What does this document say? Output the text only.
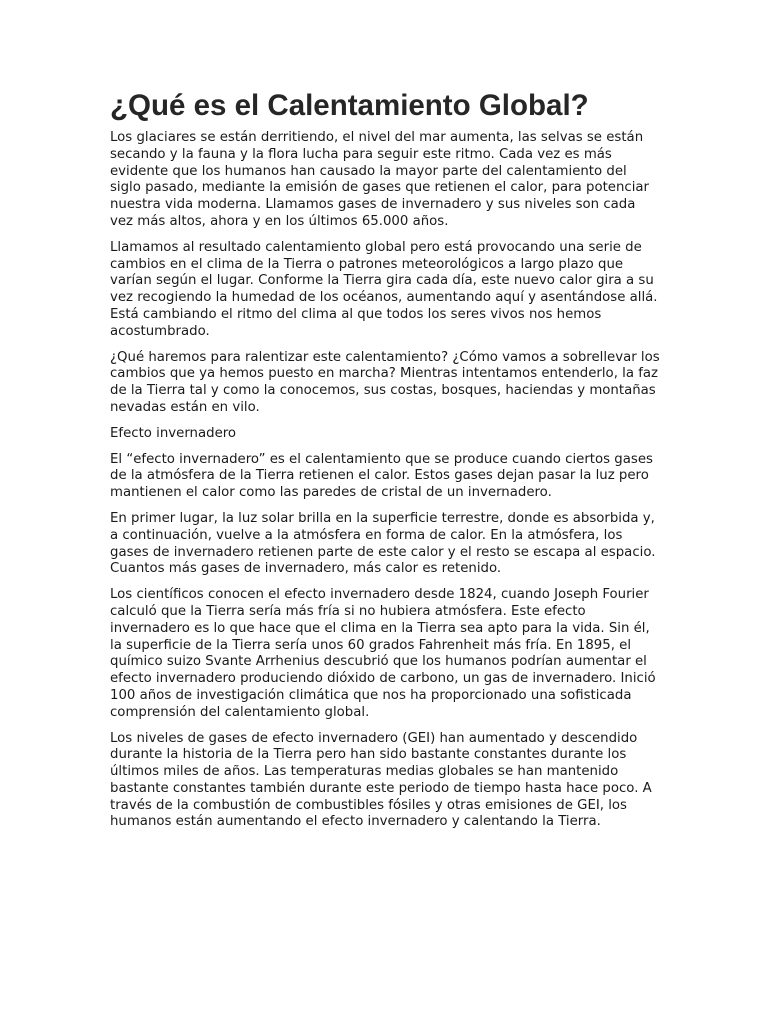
¿Qué es el Calentamiento Global?

Los glaciares se están derritiendo, el nivel del mar aumenta, las selvas se están secando y la fauna y la flora lucha para seguir este ritmo. Cada vez es más evidente que los humanos han causado la mayor parte del calentamiento del siglo pasado, mediante la emisión de gases que retienen el calor, para potenciar nuestra vida moderna. Llamamos gases de invernadero y sus niveles son cada vez más altos, ahora y en los últimos 65.000 años.

Llamamos al resultado calentamiento global pero está provocando una serie de cambios en el clima de la Tierra o patrones meteorológicos a largo plazo que varían según el lugar. Conforme la Tierra gira cada día, este nuevo calor gira a su vez recogiendo la humedad de los océanos, aumentando aquí y asentándose allá. Está cambiando el ritmo del clima al que todos los seres vivos nos hemos acostumbrado.

¿Qué haremos para ralentizar este calentamiento? ¿Cómo vamos a sobrellevar los cambios que ya hemos puesto en marcha? Mientras intentamos entenderlo, la faz de la Tierra tal y como la conocemos, sus costas, bosques, haciendas y montañas nevadas están en vilo.

Efecto invernadero

El “efecto invernadero” es el calentamiento que se produce cuando ciertos gases de la atmósfera de la Tierra retienen el calor. Estos gases dejan pasar la luz pero mantienen el calor como las paredes de cristal de un invernadero.

En primer lugar, la luz solar brilla en la superficie terrestre, donde es absorbida y, a continuación, vuelve a la atmósfera en forma de calor. En la atmósfera, los gases de invernadero retienen parte de este calor y el resto se escapa al espacio. Cuantos más gases de invernadero, más calor es retenido.

Los científicos conocen el efecto invernadero desde 1824, cuando Joseph Fourier calculó que la Tierra sería más fría si no hubiera atmósfera. Este efecto invernadero es lo que hace que el clima en la Tierra sea apto para la vida. Sin él, la superficie de la Tierra sería unos 60 grados Fahrenheit más fría. En 1895, el químico suizo Svante Arrhenius descubrió que los humanos podrían aumentar el efecto invernadero produciendo dióxido de carbono, un gas de invernadero. Inició 100 años de investigación climática que nos ha proporcionado una sofisticada comprensión del calentamiento global.

Los niveles de gases de efecto invernadero (GEI) han aumentado y descendido durante la historia de la Tierra pero han sido bastante constantes durante los últimos miles de años. Las temperaturas medias globales se han mantenido bastante constantes también durante este periodo de tiempo hasta hace poco. A través de la combustión de combustibles fósiles y otras emisiones de GEI, los humanos están aumentando el efecto invernadero y calentando la Tierra.
